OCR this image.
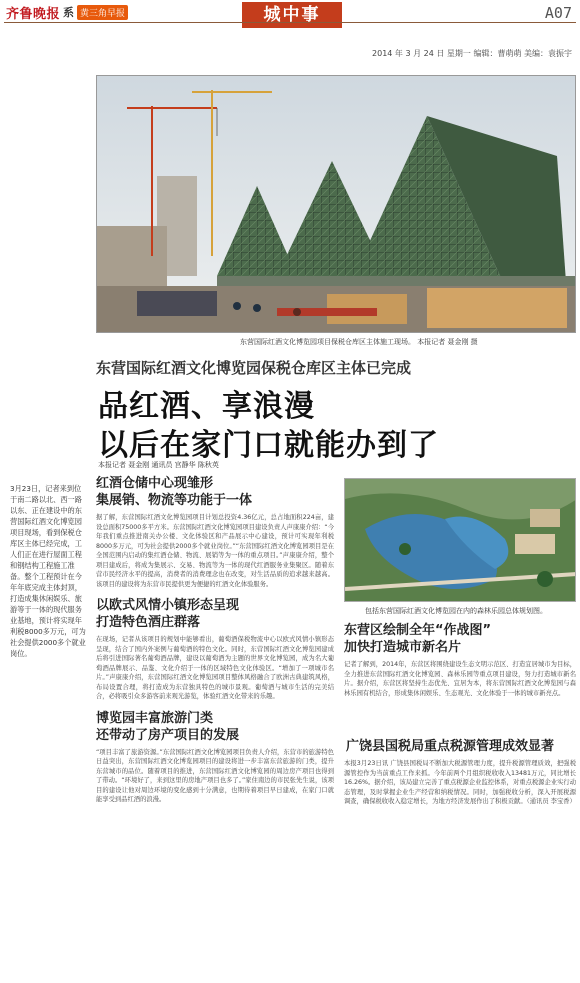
齐鲁晚报 系 黄三角早报	城中事	A07
2014 年 3 月 24 日 星期一 编辑：曹萌萌 美编：袁振宇
东营国际红酒文化博览园项目保税仓库区主体施工现场。 本报记者 聂金刚 摄
东营国际红酒文化博览园保税仓库区主体已完成
品红酒、享浪漫
以后在家门口就能办到了
本报记者 聂金刚 通讯员 宫静华 陈秋英
3月23日，记者来到位于南二路以北、西一路以东、正在建设中的东营国际红酒文化博览园项目现场，看到保税仓库区主体已经完成，工人们正在进行屋面工程和钢结构工程施工准备。整个工程预计在今年年底完成主体封顶，打造成集休闲娱乐、旅游等于一体的现代服务业基地，预计将实现年利税8000多万元，可为社会提供2000多个就业岗位。
红酒仓储中心现雏形
集展销、物流等功能于一体
据了解，东营国际红酒文化博览园项目计划总投资4.36亿元，总占地面积224亩，建设总面积75000多平方米。东营国际红酒文化博览园项目建设负责人声康康介绍：“今年我们重点推进南关办公楼、文化体验区和产品展示中心建设，预计可实现年利税8000多万元，可为社会提供2000多个就业岗位。”“东营国际红酒文化博览园项目是在全国范围内启动的集红酒仓储、物流、展销等为一体的重点项目。”声康康介绍，整个项目建成后，将成为集展示、交易、物流等为一体的现代红酒服务业集聚区。随着东营市民经济水平的提高，消费者的消费理念也在改变，对生活品质的追求越来越高。该项目的建设将为东营市民提供更为便捷的红酒文化体验服务。
以欧式风情小镇形态呈现
打造特色酒庄群落
在现场，记者从该项目的规划中能够看出，葡萄酒保税物流中心以欧式风情小镇形态呈现，结合了国内外案例与葡萄酒的特色文化。同时，东营国际红酒文化博览园建成后将引进国际著名葡萄酒品牌，建设以葡萄酒为主题的世界文化博览园，成为名大葡萄酒品牌展示、品鉴、文化介绍于一体的区域特色文化体验区。“增加了一项城市名片。”声康康介绍，东营国际红酒文化博览园项目整体风格融合了欧洲古典建筑风格，布局设置合理，将打造成为东营独具特色的城市景观。葡萄酒与城市生活的完美结合，必将吸引众多游客前来观光游览，体验红酒文化带来的乐趣。
博览园丰富旅游门类
还带动了房产项目的发展
“项目丰富了旅游资源。”东营国际红酒文化博览园项目负责人介绍，东营市的旅游特色日益突出，东营国际红酒文化博览园项目的建设将进一步丰富东营旅游的门类，提升东营城市的品位。随着项目的推进，东营国际红酒文化博览园的周边房产项目也得到了带动。“环境好了，来到这里的房地产项目也多了。”家住南边的市民张先生说，该项目的建设让他对周边环境的变化感到十分满意，也期待着项目早日建成，在家门口就能享受到品红酒的浪漫。
包括东营国际红酒文化博览园在内的森林乐园总体规划图。
东营区绘制全年“作战图”
加快打造城市新名片
记者了解到，2014年，东营区将围绕建设生态文明示范区、打造宜居城市为目标，全力推进东营国际红酒文化博览园、森林乐园等重点项目建设，努力打造城市新名片。据介绍，东营区将坚持生态优先、宜居为本，将东营国际红酒文化博览园与森林乐园有机结合，形成集休闲娱乐、生态观光、文化体验于一体的城市新亮点。
广饶县国税局重点税源管理成效显著
本报3月23日讯 广饶县国税局不断加大税源管理力度，提升税源管理质效，把强税源管控作为当前重点工作来抓。今年前两个月组织税收收入13481万元，同比增长16.26%。据介绍，该局建立完善了重点税源企业监控体系，对重点税源企业实行动态管理，及时掌握企业生产经营和纳税情况。同时，加强税收分析，深入开展税源调查，确保税收收入稳定增长，为地方经济发展作出了积极贡献。（通讯员 李宝香）
